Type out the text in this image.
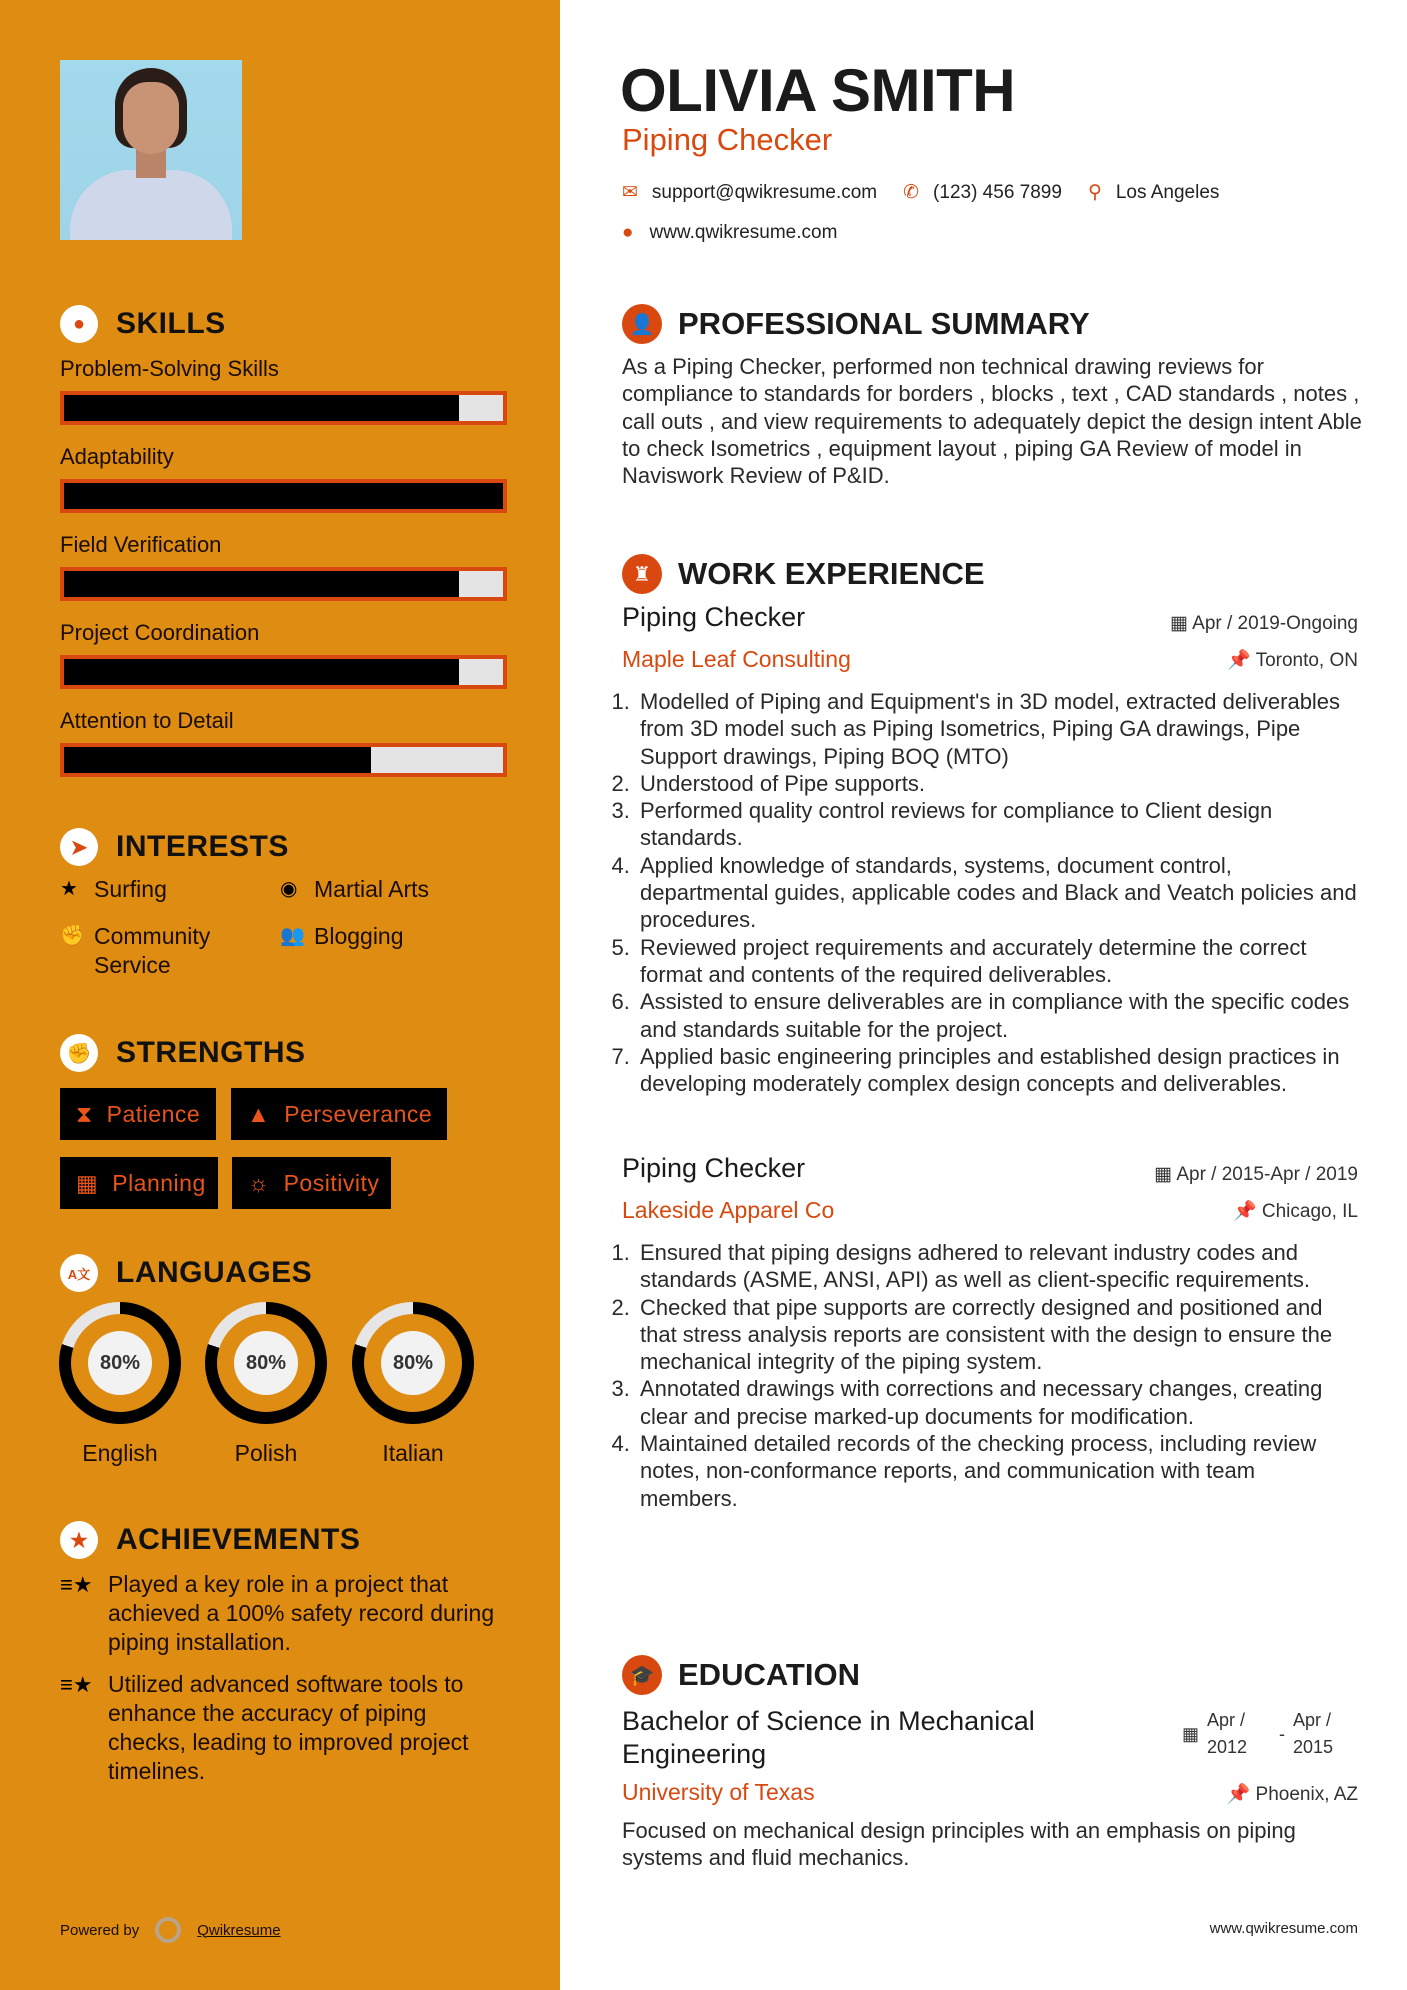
●	SKILLS
Problem-Solving Skills
Adaptability
Field Verification
Project Coordination
Attention to Detail
➤ INTERESTS
★ Surfing	◉ Martial Arts
✊ Community Service
👥 Blogging
✊ STRENGTHS
⧗ Patience ▲ Perseverance
▦ Planning ☼ Positivity
A文 LANGUAGES
80%
English
80%
Polish
80%
Italian
★ ACHIEVEMENTS
≡★ Played a key role in a project that achieved a 100% safety record during piping installation.
≡★ Utilized advanced software tools to enhance the accuracy of piping checks, leading to improved project timelines.
Powered by	Qwikresume
OLIVIA SMITH
Piping Checker
✉ support@qwikresume.com ✆ (123) 456 7899 ⚲ Los Angeles
● www.qwikresume.com
👤 PROFESSIONAL SUMMARY
As a Piping Checker, performed non technical drawing reviews for compliance to standards for borders , blocks , text , CAD standards , notes , call outs , and view requirements to adequately depict the design intent Able to check Isometrics , equipment layout , piping GA Review of model in Naviswork Review of P&ID.
♜ WORK EXPERIENCE
Piping Checker	▦ Apr / 2019-Ongoing
Maple Leaf Consulting	📌 Toronto, ON
1. Modelled of Piping and Equipment's in 3D model, extracted deliverables from 3D model such as Piping Isometrics, Piping GA drawings, Pipe Support drawings, Piping BOQ (MTO)
2. Understood of Pipe supports.
3. Performed quality control reviews for compliance to Client design standards.
4. Applied knowledge of standards, systems, document control, departmental guides, applicable codes and Black and Veatch policies and procedures.
5. Reviewed project requirements and accurately determine the correct format and contents of the required deliverables.
6. Assisted to ensure deliverables are in compliance with the specific codes and standards suitable for the project.
7. Applied basic engineering principles and established design practices in developing moderately complex design concepts and deliverables.
Piping Checker	▦ Apr / 2015-Apr / 2019
Lakeside Apparel Co	📌 Chicago, IL
1. Ensured that piping designs adhered to relevant industry codes and standards (ASME, ANSI, API) as well as client-specific requirements.
2. Checked that pipe supports are correctly designed and positioned and that stress analysis reports are consistent with the design to ensure the mechanical integrity of the piping system.
3. Annotated drawings with corrections and necessary changes, creating clear and precise marked-up documents for modification.
4. Maintained detailed records of the checking process, including review notes, non-conformance reports, and communication with team members.
🎓 EDUCATION
Bachelor of Science in Mechanical Engineering
▦
Apr / 2012
-
Apr / 2015
University of Texas	📌 Phoenix, AZ
Focused on mechanical design principles with an emphasis on piping systems and fluid mechanics.
www.qwikresume.com
